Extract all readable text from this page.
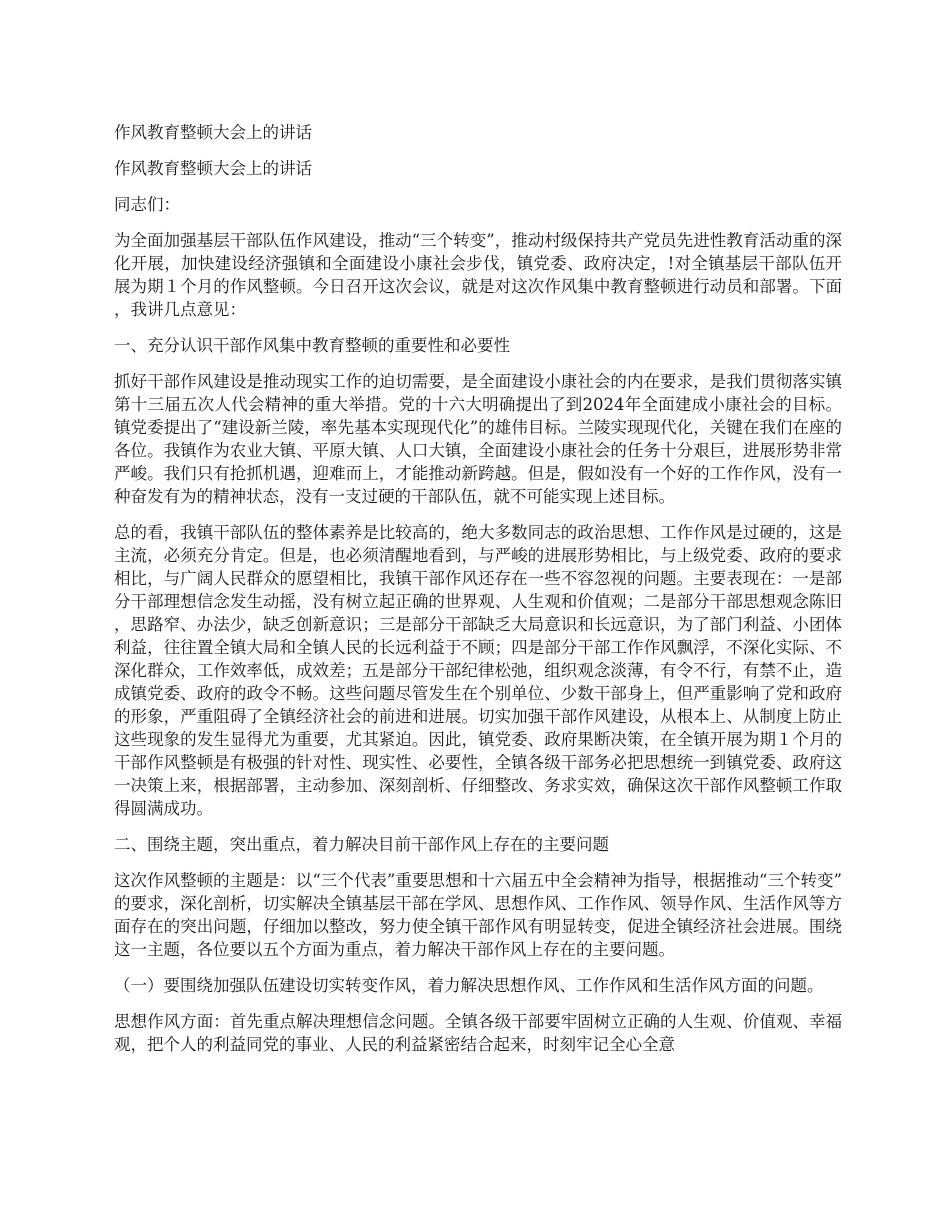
作风教育整顿大会上的讲话

作风教育整顿大会上的讲话

同志们：

为全面加强基层干部队伍作风建设，推动“三个转变”，推动村级保持共产党员先进性教育活动重的深化开展，加快建设经济强镇和全面建设小康社会步伐，镇党委、政府决定，!对全镇基层干部队伍开展为期１个月的作风整顿。今日召开这次会议，就是对这次作风集中教育整顿进行动员和部署。下面，我讲几点意见：

一、充分认识干部作风集中教育整顿的重要性和必要性

抓好干部作风建设是推动现实工作的迫切需要，是全面建设小康社会的内在要求，是我们贯彻落实镇第十三届五次人代会精神的重大举措。党的十六大明确提出了到2024年全面建成小康社会的目标。镇党委提出了“建设新兰陵，率先基本实现现代化”的雄伟目标。兰陵实现现代化，关键在我们在座的各位。我镇作为农业大镇、平原大镇、人口大镇，全面建设小康社会的任务十分艰巨，进展形势非常严峻。我们只有抢抓机遇，迎难而上，才能推动新跨越。但是，假如没有一个好的工作作风，没有一种奋发有为的精神状态，没有一支过硬的干部队伍，就不可能实现上述目标。

总的看，我镇干部队伍的整体素养是比较高的，绝大多数同志的政治思想、工作作风是过硬的，这是主流，必须充分肯定。但是，也必须清醒地看到，与严峻的进展形势相比，与上级党委、政府的要求相比，与广阔人民群众的愿望相比，我镇干部作风还存在一些不容忽视的问题。主要表现在：一是部分干部理想信念发生动摇，没有树立起正确的世界观、人生观和价值观；二是部分干部思想观念陈旧，思路窄、办法少，缺乏创新意识；三是部分干部缺乏大局意识和长远意识，为了部门利益、小团体利益，往往置全镇大局和全镇人民的长远利益于不顾；四是部分干部工作作风飘浮，不深化实际、不深化群众，工作效率低，成效差；五是部分干部纪律松弛，组织观念淡薄，有令不行，有禁不止，造成镇党委、政府的政令不畅。这些问题尽管发生在个别单位、少数干部身上，但严重影响了党和政府的形象，严重阻碍了全镇经济社会的前进和进展。切实加强干部作风建设，从根本上、从制度上防止这些现象的发生显得尤为重要，尤其紧迫。因此，镇党委、政府果断决策，在全镇开展为期１个月的干部作风整顿是有极强的针对性、现实性、必要性，全镇各级干部务必把思想统一到镇党委、政府这一决策上来，根据部署，主动参加、深刻剖析、仔细整改、务求实效，确保这次干部作风整顿工作取得圆满成功。

二、围绕主题，突出重点，着力解决目前干部作风上存在的主要问题

这次作风整顿的主题是：以“三个代表”重要思想和十六届五中全会精神为指导，根据推动“三个转变”的要求，深化剖析，切实解决全镇基层干部在学风、思想作风、工作作风、领导作风、生活作风等方面存在的突出问题，仔细加以整改，努力使全镇干部作风有明显转变，促进全镇经济社会进展。围绕这一主题，各位要以五个方面为重点，着力解决干部作风上存在的主要问题。

（一）要围绕加强队伍建设切实转变作风，着力解决思想作风、工作作风和生活作风方面的问题。

思想作风方面：首先重点解决理想信念问题。全镇各级干部要牢固树立正确的人生观、价值观、幸福观，把个人的利益同党的事业、人民的利益紧密结合起来，时刻牢记全心全意
